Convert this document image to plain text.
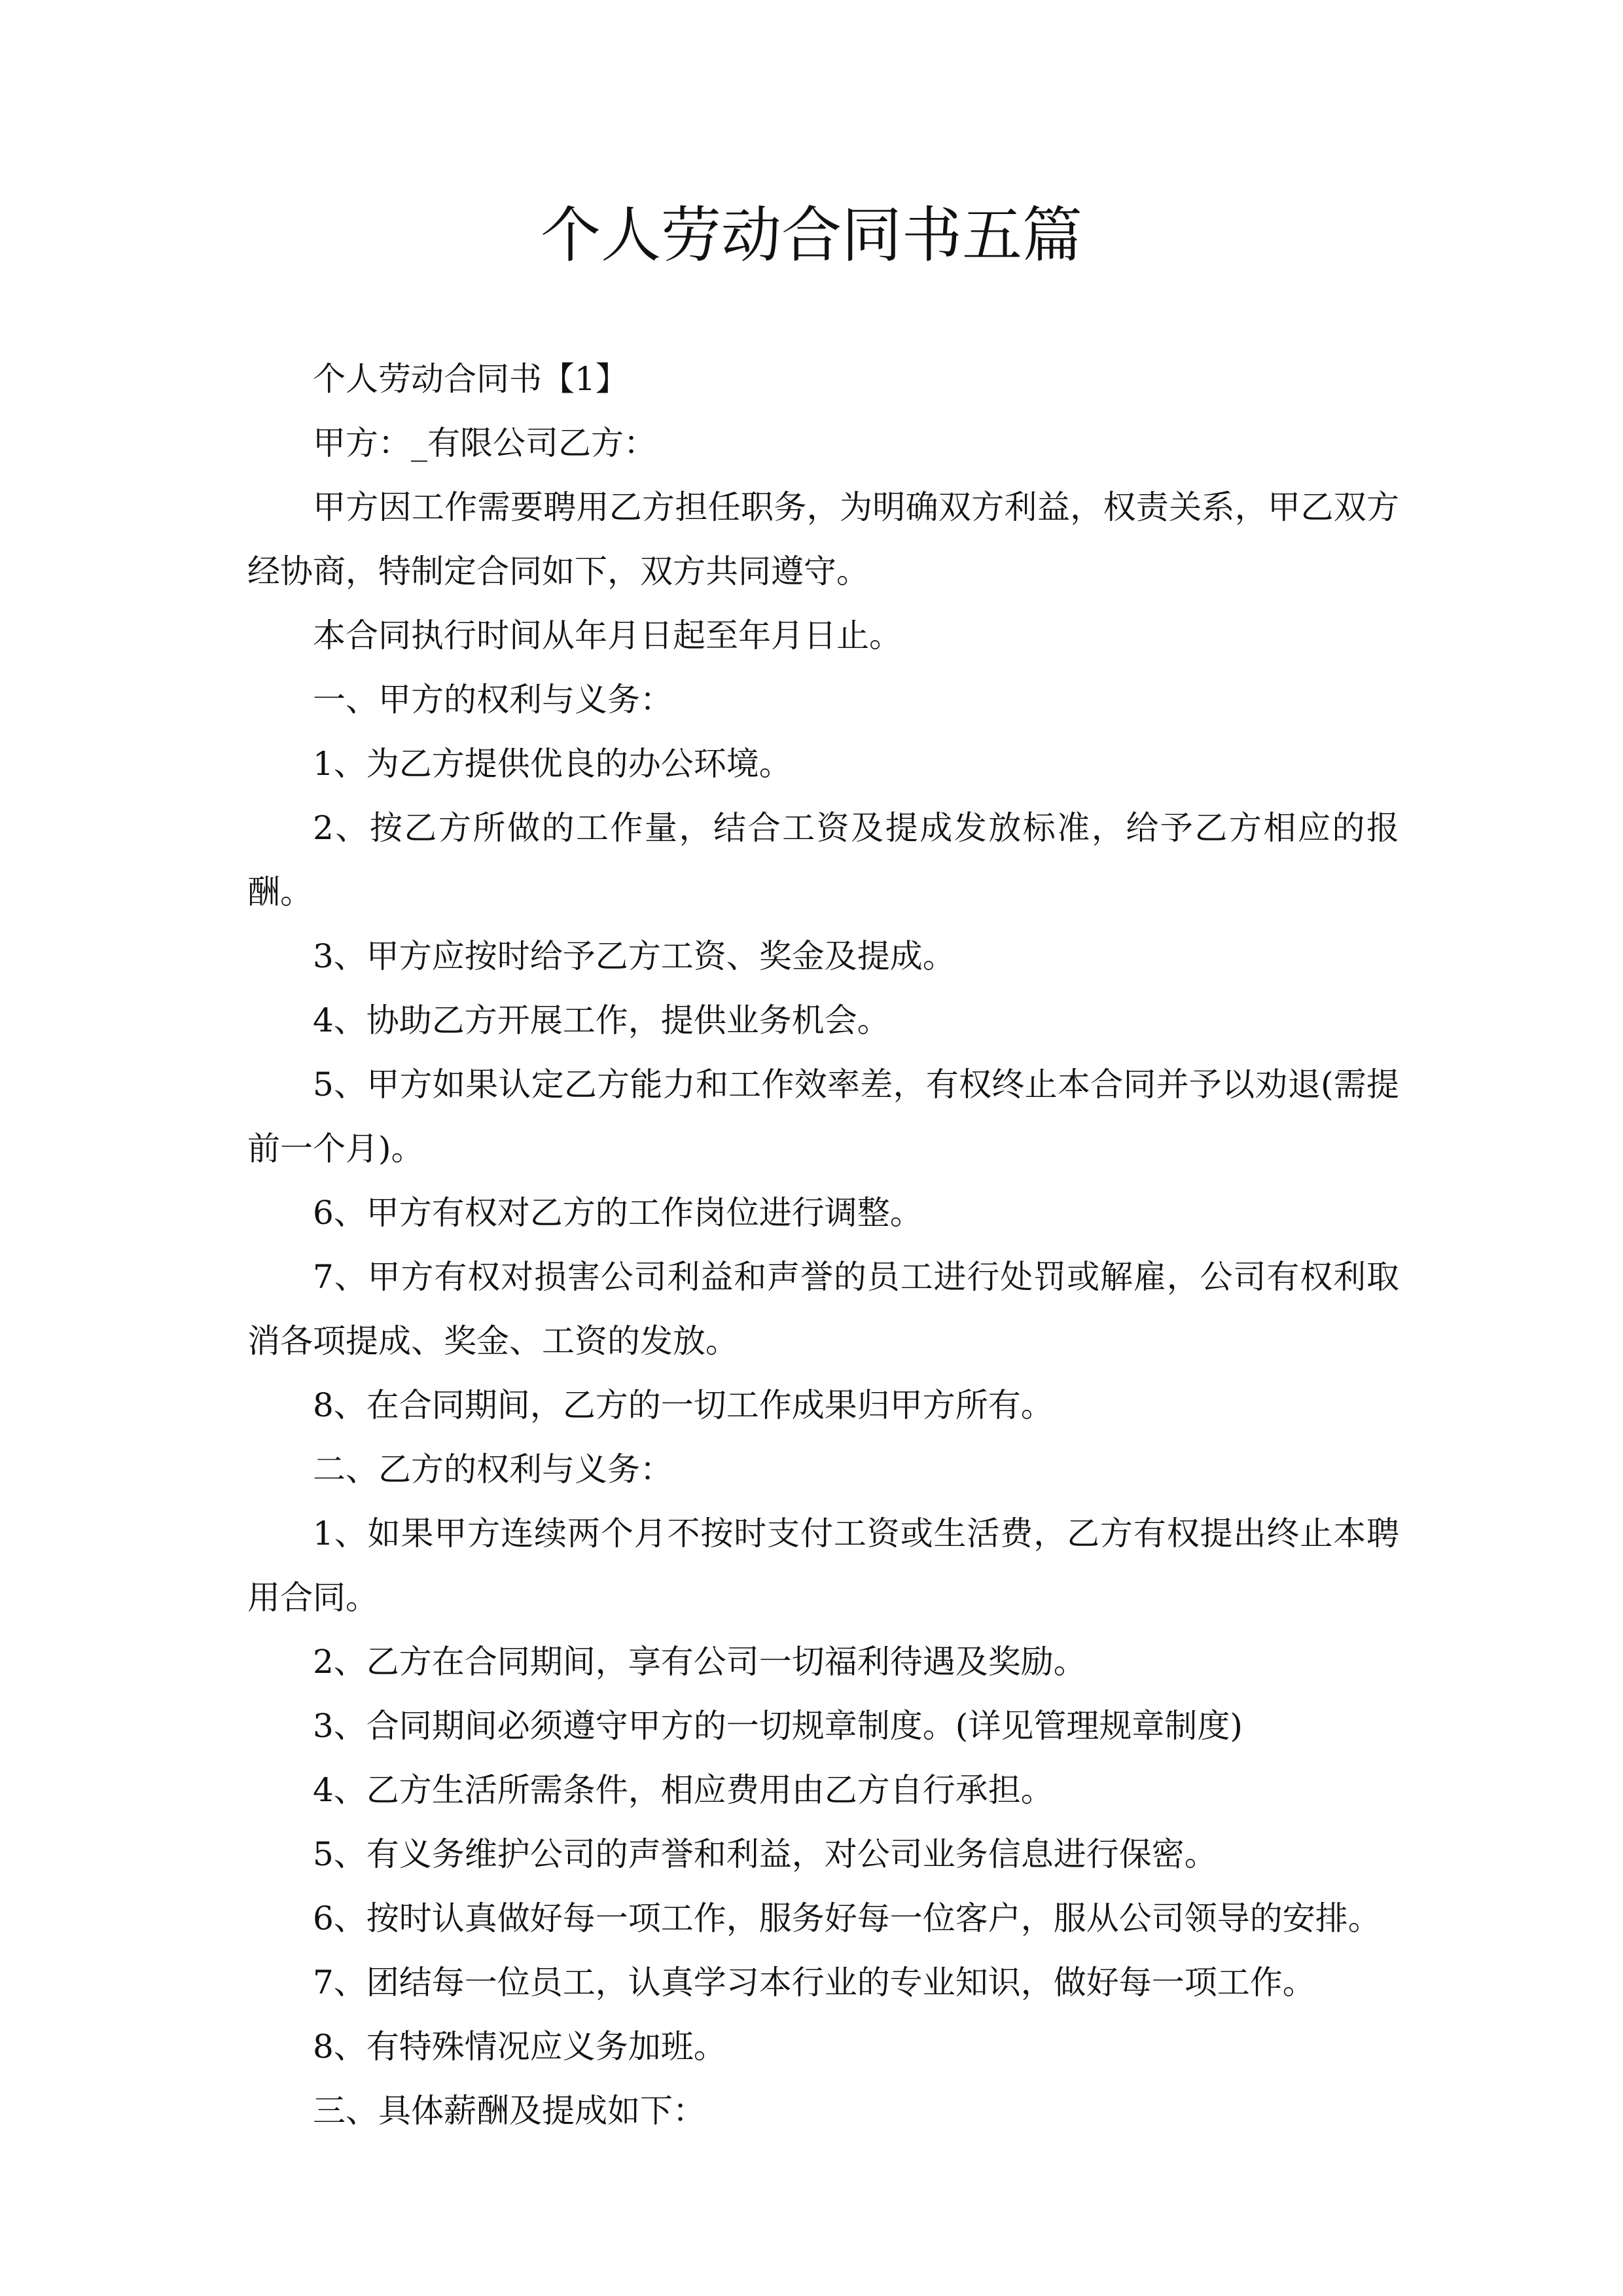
个人劳动合同书五篇

个人劳动合同书【1】

甲方：_有限公司乙方：

甲方因工作需要聘用乙方担任职务，为明确双方利益，权责关系，甲乙双方经协商，特制定合同如下，双方共同遵守。

本合同执行时间从年月日起至年月日止。

一、甲方的权利与义务：

1、为乙方提供优良的办公环境。

2、按乙方所做的工作量，结合工资及提成发放标准，给予乙方相应的报酬。

3、甲方应按时给予乙方工资、奖金及提成。

4、协助乙方开展工作，提供业务机会。

5、甲方如果认定乙方能力和工作效率差，有权终止本合同并予以劝退(需提前一个月)。

6、甲方有权对乙方的工作岗位进行调整。

7、甲方有权对损害公司利益和声誉的员工进行处罚或解雇，公司有权利取消各项提成、奖金、工资的发放。

8、在合同期间，乙方的一切工作成果归甲方所有。

二、乙方的权利与义务：

1、如果甲方连续两个月不按时支付工资或生活费，乙方有权提出终止本聘用合同。

2、乙方在合同期间，享有公司一切福利待遇及奖励。

3、合同期间必须遵守甲方的一切规章制度。(详见管理规章制度)

4、乙方生活所需条件，相应费用由乙方自行承担。

5、有义务维护公司的声誉和利益，对公司业务信息进行保密。

6、按时认真做好每一项工作，服务好每一位客户，服从公司领导的安排。

7、团结每一位员工，认真学习本行业的专业知识，做好每一项工作。

8、有特殊情况应义务加班。

三、具体薪酬及提成如下：
